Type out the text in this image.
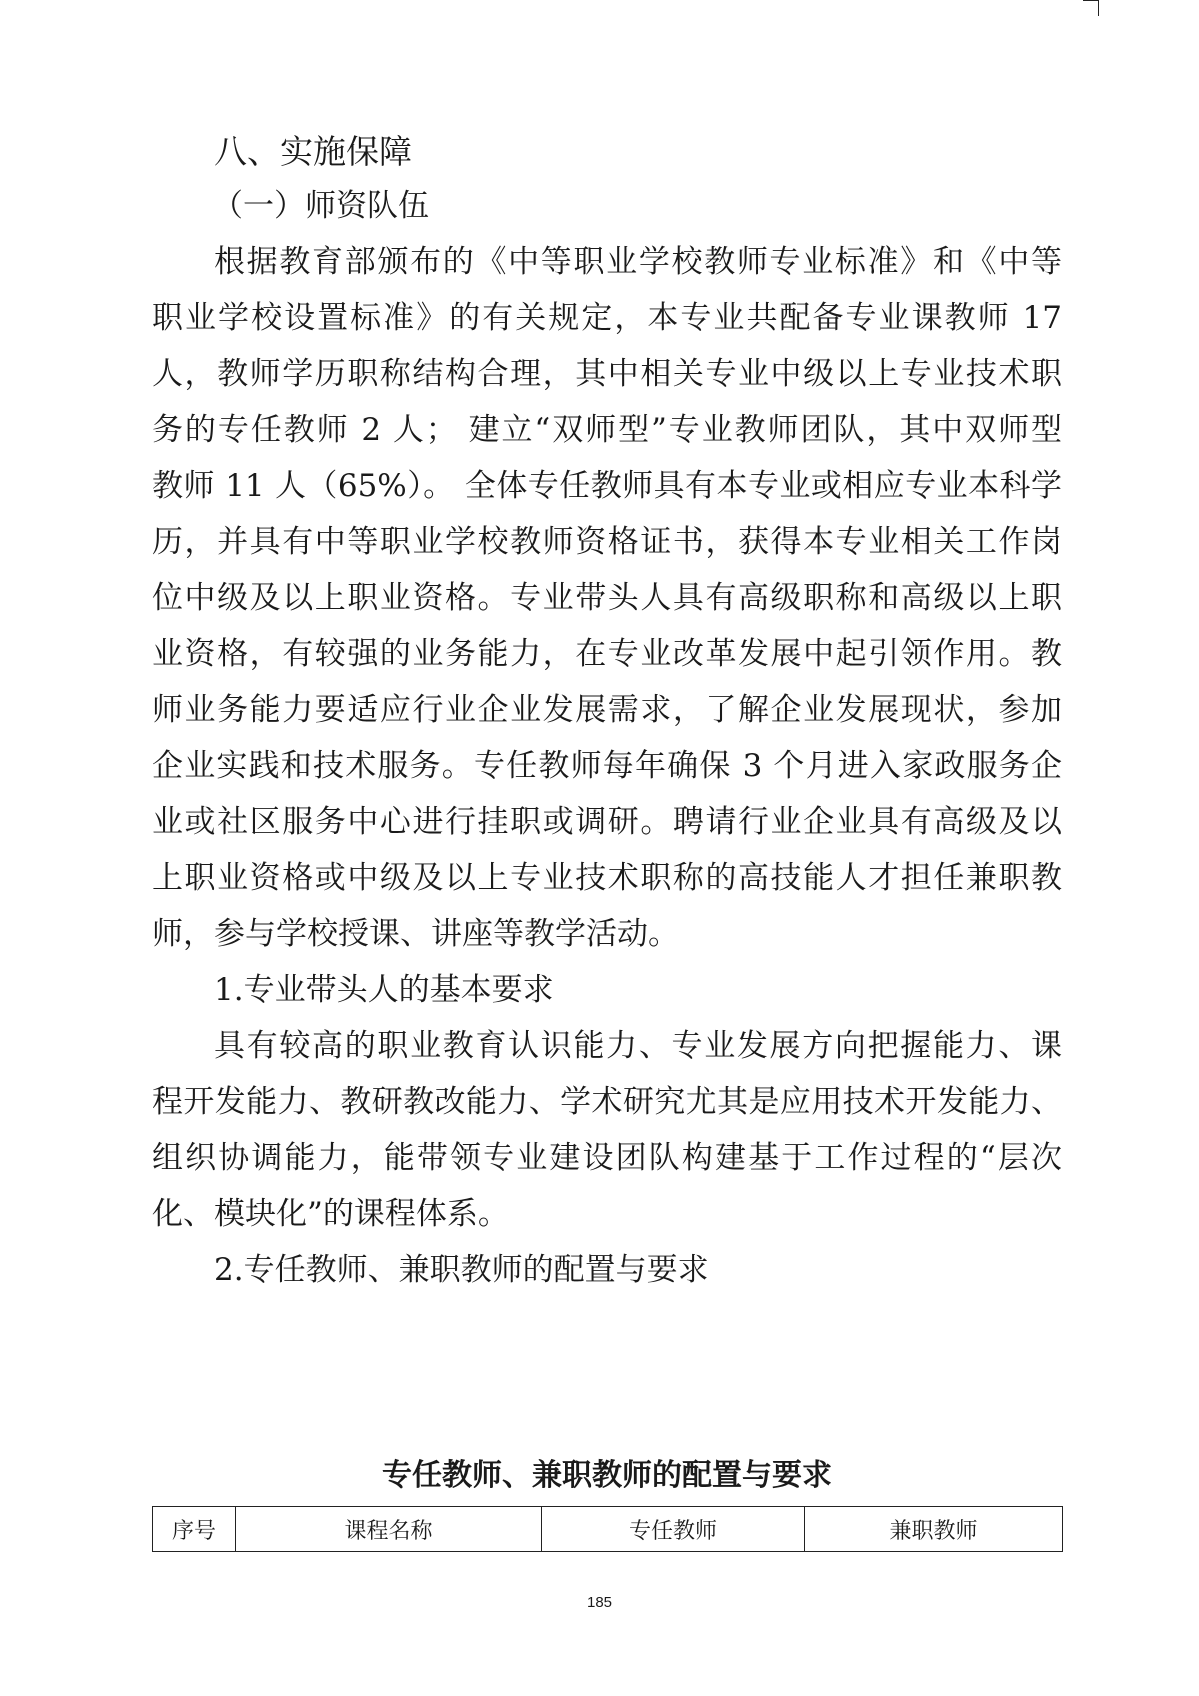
八、实施保障
（一）师资队伍
根据教育部颁布的《中等职业学校教师专业标准》和《中等
职业学校设置标准》的有关规定，本专业共配备专业课教师 17
人，教师学历职称结构合理，其中相关专业中级以上专业技术职
务的专任教师 2 人； 建立“双师型”专业教师团队，其中双师型
教师 11 人（65%）。 全体专任教师具有本专业或相应专业本科学
历，并具有中等职业学校教师资格证书，获得本专业相关工作岗
位中级及以上职业资格。专业带头人具有高级职称和高级以上职
业资格，有较强的业务能力，在专业改革发展中起引领作用。教
师业务能力要适应行业企业发展需求，了解企业发展现状，参加
企业实践和技术服务。专任教师每年确保 3 个月进入家政服务企
业或社区服务中心进行挂职或调研。聘请行业企业具有高级及以
上职业资格或中级及以上专业技术职称的高技能人才担任兼职教
师，参与学校授课、讲座等教学活动。
1.专业带头人的基本要求
具有较高的职业教育认识能力、专业发展方向把握能力、课
程开发能力、教研教改能力、学术研究尤其是应用技术开发能力、
组织协调能力，能带领专业建设团队构建基于工作过程的“层次
化、模块化”的课程体系。
2.专任教师、兼职教师的配置与要求
专任教师、兼职教师的配置与要求
序号	课程名称	专任教师	兼职教师
185
